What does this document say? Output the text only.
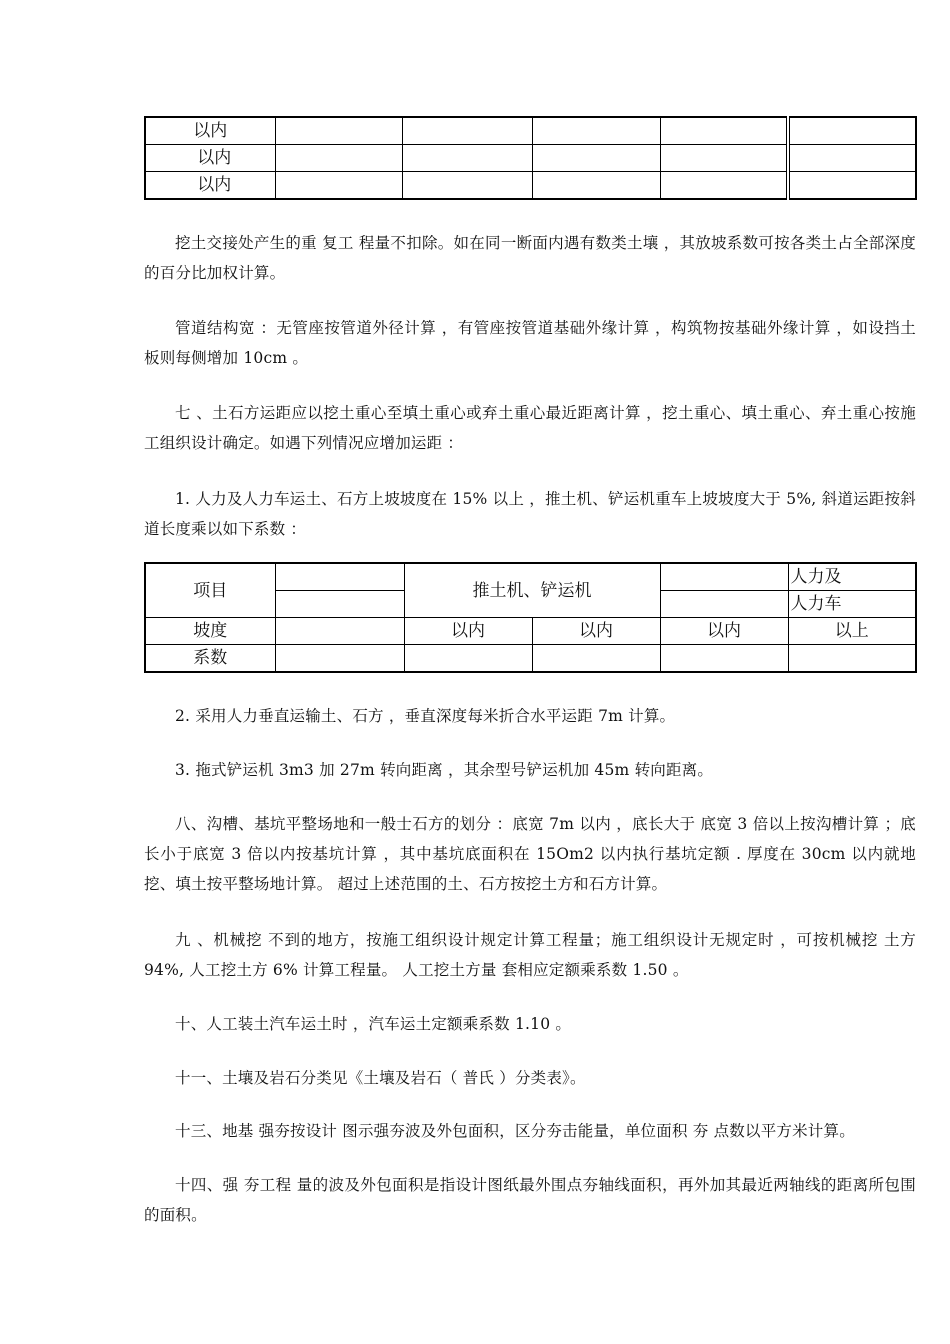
以内					
以内					
以内					

挖土交接处产生的重 复工 程量不扣除。如在同一断面内遇有数类土壤 ，其放坡系数可按各类土占全部深度的百分比加权计算。

管道结构宽 ：无管座按管道外径计算 ，有管座按管道基础外缘计算 ，构筑物按基础外缘计算 ，如设挡土板则每侧增加 10cm 。

七 、土石方运距应以挖土重心至填土重心或弃土重心最近距离计算 ，挖土重心、填土重心、弃土重心按施工组织设计确定。如遇下列情况应增加运距 ：

1. 人力及人力车运土、石方上坡坡度在 15% 以上 ，推土机、铲运机重车上坡坡度大于 5%, 斜道运距按斜道长度乘以如下系数 ：

项目		推土机、铲运机			人力及
					人力车
坡度		以内	以内	以内	以上
系数					

2. 采用人力垂直运输土、石方 ，垂直深度每米折合水平运距 7m 计算。

3. 拖式铲运机 3m3 加 27m 转向距离 ，其余型号铲运机加 45m 转向距离。

八、沟槽、基坑平整场地和一般士石方的划分 ：底宽 7m 以内 ，底长大于 底宽 3 倍以上按沟槽计算 ；底长小于底宽 3 倍以内按基坑计算 ，其中基坑底面积在 15Om2 以内执行基坑定额 . 厚度在 30cm 以内就地挖、填土按平整场地计算。 超过上述范围的土、石方按挖土方和石方计算。

九 、机械挖 不到的地方，按施工组织设计规定计算工程量；施工组织设计无规定时 ，可按机械挖 土方 94%, 人工挖土方 6% 计算工程量。 人工挖土方量 套相应定额乘系数 1.50 。

十、人工装土汽车运土时 ，汽车运土定额乘系数 1.10 。

十一、土壤及岩石分类见《土壤及岩石（ 普氏 ）分类表》。

十三、地基 强夯按设计 图示强夯波及外包面积，区分夯击能量，单位面积 夯 点数以平方米计算。

十四、强 夯工程 量的波及外包面积是指设计图纸最外围点夯轴线面积，再外加其最近两轴线的距离所包围的面积。
